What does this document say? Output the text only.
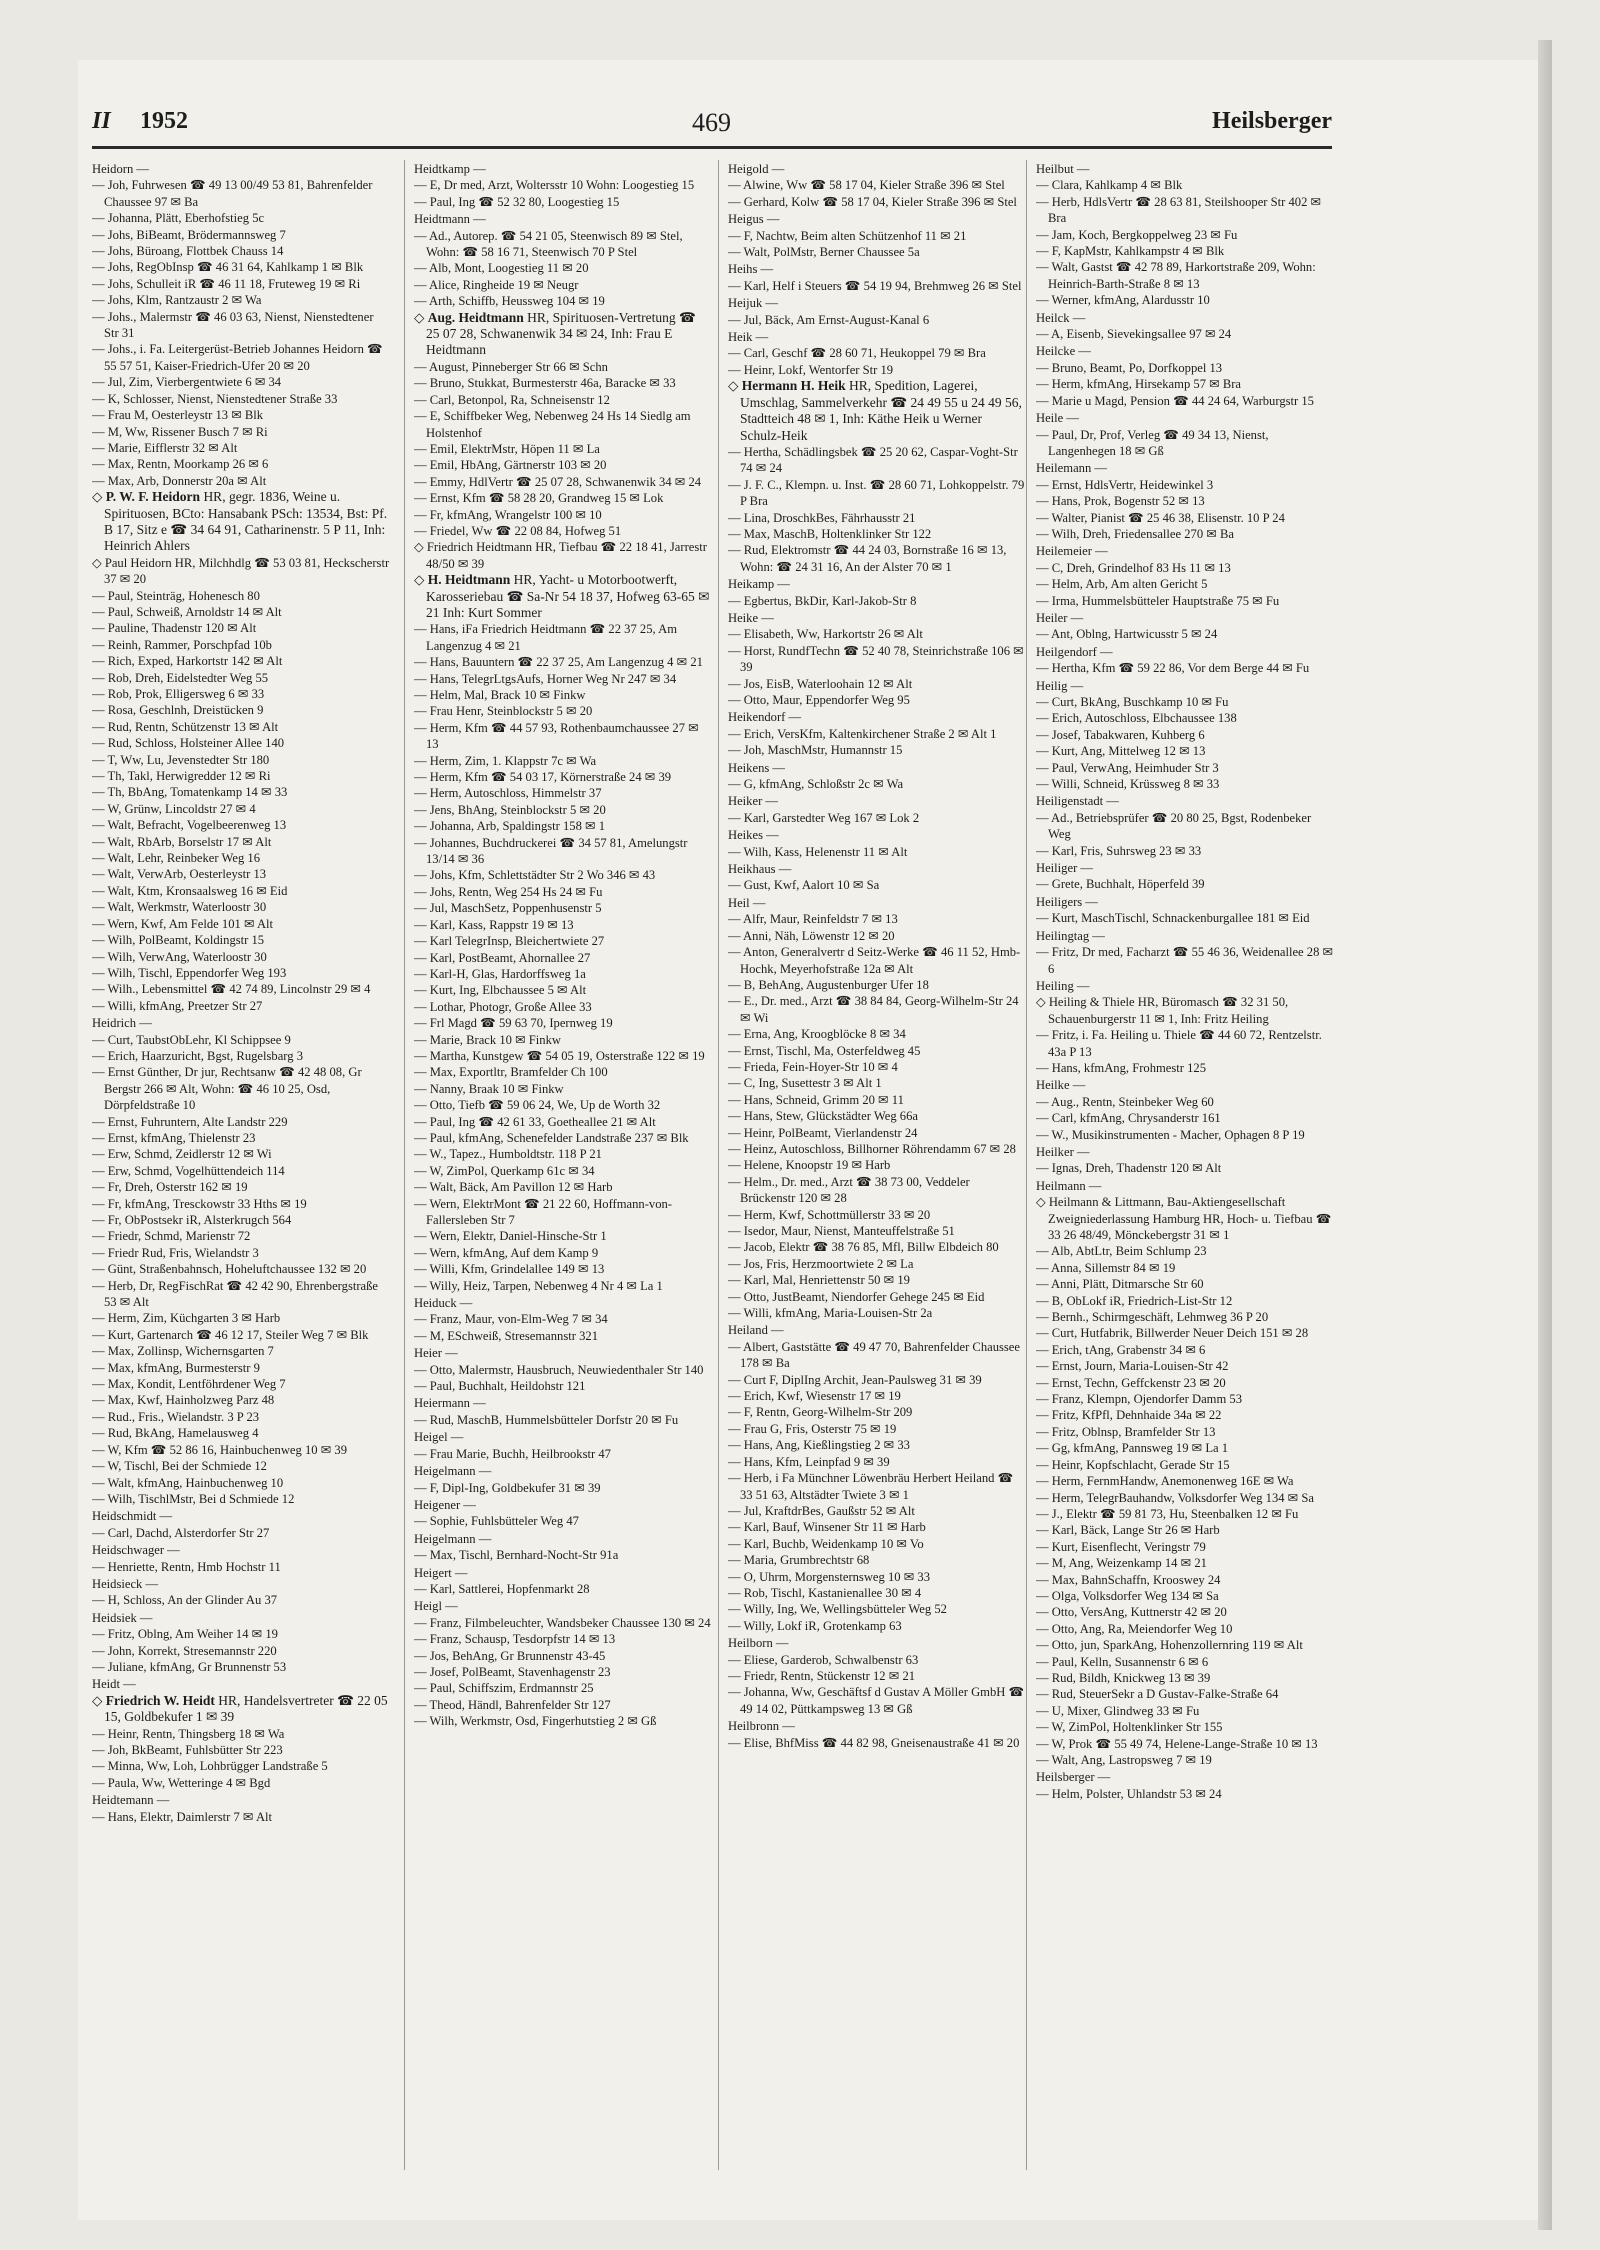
II 1952	469	Heilsberger

Heidorn —

— Joh, Fuhrwesen ☎ 49 13 00/49 53 81, Bahrenfelder Chaussee 97 ✉ Ba

— Johanna, Plätt, Eberhofstieg 5c

— Johs, BiBeamt, Brödermannsweg 7

— Johs, Büroang, Flottbek Chauss 14

— Johs, RegObInsp ☎ 46 31 64, Kahlkamp 1 ✉ Blk

— Johs, Schulleit iR ☎ 46 11 18, Fruteweg 19 ✉ Ri

— Johs, Klm, Rantzaustr 2 ✉ Wa

— Johs., Malermstr ☎ 46 03 63, Nienst, Nienstedtener Str 31

— Johs., i. Fa. Leitergerüst-Betrieb Johannes Heidorn ☎ 55 57 51, Kaiser-Friedrich-Ufer 20 ✉ 20

— Jul, Zim, Vierbergentwiete 6 ✉ 34

— K, Schlosser, Nienst, Nienstedtener Straße 33

— Frau M, Oesterleystr 13 ✉ Blk

— M, Ww, Rissener Busch 7 ✉ Ri

— Marie, Eifflerstr 32 ✉ Alt

— Max, Rentn, Moorkamp 26 ✉ 6

— Max, Arb, Donnerstr 20a ✉ Alt

◇ P. W. F. Heidorn HR, gegr. 1836, Weine u. Spirituosen, BCto: Hansabank PSch: 13534, Bst: Pf. B 17, Sitz e ☎ 34 64 91, Catharinenstr. 5 P 11, Inh: Heinrich Ahlers

◇ Paul Heidorn HR, Milchhdlg ☎ 53 03 81, Heckscherstr 37 ✉ 20

— Paul, Steinträg, Hohenesch 80

— Paul, Schweiß, Arnoldstr 14 ✉ Alt

— Pauline, Thadenstr 120 ✉ Alt

— Reinh, Rammer, Porschpfad 10b

— Rich, Exped, Harkortstr 142 ✉ Alt

— Rob, Dreh, Eidelstedter Weg 55

— Rob, Prok, Elligersweg 6 ✉ 33

— Rosa, Geschlnh, Dreistücken 9

— Rud, Rentn, Schützenstr 13 ✉ Alt

— Rud, Schloss, Holsteiner Allee 140

— T, Ww, Lu, Jevenstedter Str 180

— Th, Takl, Herwigredder 12 ✉ Ri

— Th, BbAng, Tomatenkamp 14 ✉ 33

— W, Grünw, Lincoldstr 27 ✉ 4

— Walt, Befracht, Vogelbeerenweg 13

— Walt, RbArb, Borselstr 17 ✉ Alt

— Walt, Lehr, Reinbeker Weg 16

— Walt, VerwArb, Oesterleystr 13

— Walt, Ktm, Kronsaalsweg 16 ✉ Eid

— Walt, Werkmstr, Waterloostr 30

— Wern, Kwf, Am Felde 101 ✉ Alt

— Wilh, PolBeamt, Koldingstr 15

— Wilh, VerwAng, Waterloostr 30

— Wilh, Tischl, Eppendorfer Weg 193

— Wilh., Lebensmittel ☎ 42 74 89, Lincolnstr 29 ✉ 4

— Willi, kfmAng, Preetzer Str 27

Heidrich —

— Curt, TaubstObLehr, Kl Schippsee 9

— Erich, Haarzuricht, Bgst, Rugelsbarg 3

— Ernst Günther, Dr jur, Rechtsanw ☎ 42 48 08, Gr Bergstr 266 ✉ Alt, Wohn: ☎ 46 10 25, Osd, Dörpfeldstraße 10

— Ernst, Fuhruntern, Alte Landstr 229

— Ernst, kfmAng, Thielenstr 23

— Erw, Schmd, Zeidlerstr 12 ✉ Wi

— Erw, Schmd, Vogelhüttendeich 114

— Fr, Dreh, Osterstr 162 ✉ 19

— Fr, kfmAng, Tresckowstr 33 Hths ✉ 19

— Fr, ObPostsekr iR, Alsterkrugch 564

— Friedr, Schmd, Marienstr 72

— Friedr Rud, Fris, Wielandstr 3

— Günt, Straßenbahnsch, Hoheluftchaussee 132 ✉ 20

— Herb, Dr, RegFischRat ☎ 42 42 90, Ehrenbergstraße 53 ✉ Alt

— Herm, Zim, Küchgarten 3 ✉ Harb

— Kurt, Gartenarch ☎ 46 12 17, Steiler Weg 7 ✉ Blk

— Max, Zollinsp, Wichernsgarten 7

— Max, kfmAng, Burmesterstr 9

— Max, Kondit, Lentföhrdener Weg 7

— Max, Kwf, Hainholzweg Parz 48

— Rud., Fris., Wielandstr. 3 P 23

— Rud, BkAng, Hamelausweg 4

— W, Kfm ☎ 52 86 16, Hainbuchenweg 10 ✉ 39

— W, Tischl, Bei der Schmiede 12

— Walt, kfmAng, Hainbuchenweg 10

— Wilh, TischlMstr, Bei d Schmiede 12

Heidschmidt —

— Carl, Dachd, Alsterdorfer Str 27

Heidschwager —

— Henriette, Rentn, Hmb Hochstr 11

Heidsieck —

— H, Schloss, An der Glinder Au 37

Heidsiek —

— Fritz, Oblng, Am Weiher 14 ✉ 19

— John, Korrekt, Stresemannstr 220

— Juliane, kfmAng, Gr Brunnenstr 53

Heidt —

◇ Friedrich W. Heidt HR, Handelsvertreter ☎ 22 05 15, Goldbekufer 1 ✉ 39

— Heinr, Rentn, Thingsberg 18 ✉ Wa

— Joh, BkBeamt, Fuhlsbütter Str 223

— Minna, Ww, Loh, Lohbrügger Landstraße 5

— Paula, Ww, Wetteringe 4 ✉ Bgd

Heidtemann —

— Hans, Elektr, Daimlerstr 7 ✉ Alt

Heidtkamp —

— E, Dr med, Arzt, Woltersstr 10 Wohn: Loogestieg 15

— Paul, Ing ☎ 52 32 80, Loogestieg 15

Heidtmann —

— Ad., Autorep. ☎ 54 21 05, Steenwisch 89 ✉ Stel, Wohn: ☎ 58 16 71, Steenwisch 70 P Stel

— Alb, Mont, Loogestieg 11 ✉ 20

— Alice, Ringheide 19 ✉ Neugr

— Arth, Schiffb, Heussweg 104 ✉ 19

◇ Aug. Heidtmann HR, Spirituosen-Vertretung ☎ 25 07 28, Schwanenwik 34 ✉ 24, Inh: Frau E Heidtmann

— August, Pinneberger Str 66 ✉ Schn

— Bruno, Stukkat, Burmesterstr 46a, Baracke ✉ 33

— Carl, Betonpol, Ra, Schneisenstr 12

— E, Schiffbeker Weg, Nebenweg 24 Hs 14 Siedlg am Holstenhof

— Emil, ElektrMstr, Höpen 11 ✉ La

— Emil, HbAng, Gärtnerstr 103 ✉ 20

— Emmy, HdlVertr ☎ 25 07 28, Schwanenwik 34 ✉ 24

— Ernst, Kfm ☎ 58 28 20, Grandweg 15 ✉ Lok

— Fr, kfmAng, Wrangelstr 100 ✉ 10

— Friedel, Ww ☎ 22 08 84, Hofweg 51

◇ Friedrich Heidtmann HR, Tiefbau ☎ 22 18 41, Jarrestr 48/50 ✉ 39

◇ H. Heidtmann HR, Yacht- u Motorbootwerft, Karosseriebau ☎ Sa-Nr 54 18 37, Hofweg 63-65 ✉ 21 Inh: Kurt Sommer

— Hans, iFa Friedrich Heidtmann ☎ 22 37 25, Am Langenzug 4 ✉ 21

— Hans, Bauuntern ☎ 22 37 25, Am Langenzug 4 ✉ 21

— Hans, TelegrLtgsAufs, Horner Weg Nr 247 ✉ 34

— Helm, Mal, Brack 10 ✉ Finkw

— Frau Henr, Steinblockstr 5 ✉ 20

— Herm, Kfm ☎ 44 57 93, Rothenbaumchaussee 27 ✉ 13

— Herm, Zim, 1. Klappstr 7c ✉ Wa

— Herm, Kfm ☎ 54 03 17, Körnerstraße 24 ✉ 39

— Herm, Autoschloss, Himmelstr 37

— Jens, BhAng, Steinblockstr 5 ✉ 20

— Johanna, Arb, Spaldingstr 158 ✉ 1

— Johannes, Buchdruckerei ☎ 34 57 81, Amelungstr 13/14 ✉ 36

— Johs, Kfm, Schlettstädter Str 2 Wo 346 ✉ 43

— Johs, Rentn, Weg 254 Hs 24 ✉ Fu

— Jul, MaschSetz, Poppenhusenstr 5

— Karl, Kass, Rappstr 19 ✉ 13

— Karl TelegrInsp, Bleichertwiete 27

— Karl, PostBeamt, Ahornallee 27

— Karl-H, Glas, Hardorffsweg 1a

— Kurt, Ing, Elbchaussee 5 ✉ Alt

— Lothar, Photogr, Große Allee 33

— Frl Magd ☎ 59 63 70, Ipernweg 19

— Marie, Brack 10 ✉ Finkw

— Martha, Kunstgew ☎ 54 05 19, Osterstraße 122 ✉ 19

— Max, Exportltr, Bramfelder Ch 100

— Nanny, Braak 10 ✉ Finkw

— Otto, Tiefb ☎ 59 06 24, We, Up de Worth 32

— Paul, Ing ☎ 42 61 33, Goetheallee 21 ✉ Alt

— Paul, kfmAng, Schenefelder Landstraße 237 ✉ Blk

— W., Tapez., Humboldtstr. 118 P 21

— W, ZimPol, Querkamp 61c ✉ 34

— Walt, Bäck, Am Pavillon 12 ✉ Harb

— Wern, ElektrMont ☎ 21 22 60, Hoffmann-von-Fallersleben Str 7

— Wern, Elektr, Daniel-Hinsche-Str 1

— Wern, kfmAng, Auf dem Kamp 9

— Willi, Kfm, Grindelallee 149 ✉ 13

— Willy, Heiz, Tarpen, Nebenweg 4 Nr 4 ✉ La 1

Heiduck —

— Franz, Maur, von-Elm-Weg 7 ✉ 34

— M, ESchweiß, Stresemannstr 321

Heier —

— Otto, Malermstr, Hausbruch, Neuwiedenthaler Str 140

— Paul, Buchhalt, Heildohstr 121

Heiermann —

— Rud, MaschB, Hummelsbütteler Dorfstr 20 ✉ Fu

Heigel —

— Frau Marie, Buchh, Heilbrookstr 47

Heigelmann —

— F, Dipl-Ing, Goldbekufer 31 ✉ 39

Heigener —

— Sophie, Fuhlsbütteler Weg 47

Heigelmann —

— Max, Tischl, Bernhard-Nocht-Str 91a

Heigert —

— Karl, Sattlerei, Hopfenmarkt 28

Heigl —

— Franz, Filmbeleuchter, Wandsbeker Chaussee 130 ✉ 24

— Franz, Schausp, Tesdorpfstr 14 ✉ 13

— Jos, BehAng, Gr Brunnenstr 43-45

— Josef, PolBeamt, Stavenhagenstr 23

— Paul, Schiffszim, Erdmannstr 25

— Theod, Händl, Bahrenfelder Str 127

— Wilh, Werkmstr, Osd, Fingerhutstieg 2 ✉ Gß

Heigold —

— Alwine, Ww ☎ 58 17 04, Kieler Straße 396 ✉ Stel

— Gerhard, Kolw ☎ 58 17 04, Kieler Straße 396 ✉ Stel

Heigus —

— F, Nachtw, Beim alten Schützenhof 11 ✉ 21

— Walt, PolMstr, Berner Chaussee 5a

Heihs —

— Karl, Helf i Steuers ☎ 54 19 94, Brehmweg 26 ✉ Stel

Heijuk —

— Jul, Bäck, Am Ernst-August-Kanal 6

Heik —

— Carl, Geschf ☎ 28 60 71, Heukoppel 79 ✉ Bra

— Heinr, Lokf, Wentorfer Str 19

◇ Hermann H. Heik HR, Spedition, Lagerei, Umschlag, Sammelverkehr ☎ 24 49 55 u 24 49 56, Stadtteich 48 ✉ 1, Inh: Käthe Heik u Werner Schulz-Heik

— Hertha, Schädlingsbek ☎ 25 20 62, Caspar-Voght-Str 74 ✉ 24

— J. F. C., Klempn. u. Inst. ☎ 28 60 71, Lohkoppelstr. 79 P Bra

— Lina, DroschkBes, Fährhausstr 21

— Max, MaschB, Holtenklinker Str 122

— Rud, Elektromstr ☎ 44 24 03, Bornstraße 16 ✉ 13, Wohn: ☎ 24 31 16, An der Alster 70 ✉ 1

Heikamp —

— Egbertus, BkDir, Karl-Jakob-Str 8

Heike —

— Elisabeth, Ww, Harkortstr 26 ✉ Alt

— Horst, RundfTechn ☎ 52 40 78, Steinrichstraße 106 ✉ 39

— Jos, EisB, Waterloohain 12 ✉ Alt

— Otto, Maur, Eppendorfer Weg 95

Heikendorf —

— Erich, VersKfm, Kaltenkirchener Straße 2 ✉ Alt 1

— Joh, MaschMstr, Humannstr 15

Heikens —

— G, kfmAng, Schloßstr 2c ✉ Wa

Heiker —

— Karl, Garstedter Weg 167 ✉ Lok 2

Heikes —

— Wilh, Kass, Helenenstr 11 ✉ Alt

Heikhaus —

— Gust, Kwf, Aalort 10 ✉ Sa

Heil —

— Alfr, Maur, Reinfeldstr 7 ✉ 13

— Anni, Näh, Löwenstr 12 ✉ 20

— Anton, Generalvertr d Seitz-Werke ☎ 46 11 52, Hmb-Hochk, Meyerhofstraße 12a ✉ Alt

— B, BehAng, Augustenburger Ufer 18

— E., Dr. med., Arzt ☎ 38 84 84, Georg-Wilhelm-Str 24 ✉ Wi

— Erna, Ang, Kroogblöcke 8 ✉ 34

— Ernst, Tischl, Ma, Osterfeldweg 45

— Frieda, Fein-Hoyer-Str 10 ✉ 4

— C, Ing, Susettestr 3 ✉ Alt 1

— Hans, Schneid, Grimm 20 ✉ 11

— Hans, Stew, Glückstädter Weg 66a

— Heinr, PolBeamt, Vierlandenstr 24

— Heinz, Autoschloss, Billhorner Röhrendamm 67 ✉ 28

— Helene, Knoopstr 19 ✉ Harb

— Helm., Dr. med., Arzt ☎ 38 73 00, Veddeler Brückenstr 120 ✉ 28

— Herm, Kwf, Schottmüllerstr 33 ✉ 20

— Isedor, Maur, Nienst, Manteuffelstraße 51

— Jacob, Elektr ☎ 38 76 85, Mfl, Billw Elbdeich 80

— Jos, Fris, Herzmoortwiete 2 ✉ La

— Karl, Mal, Henriettenstr 50 ✉ 19

— Otto, JustBeamt, Niendorfer Gehege 245 ✉ Eid

— Willi, kfmAng, Maria-Louisen-Str 2a

Heiland —

— Albert, Gaststätte ☎ 49 47 70, Bahrenfelder Chaussee 178 ✉ Ba

— Curt F, DiplIng Archit, Jean-Paulsweg 31 ✉ 39

— Erich, Kwf, Wiesenstr 17 ✉ 19

— F, Rentn, Georg-Wilhelm-Str 209

— Frau G, Fris, Osterstr 75 ✉ 19

— Hans, Ang, Kießlingstieg 2 ✉ 33

— Hans, Kfm, Leinpfad 9 ✉ 39

— Herb, i Fa Münchner Löwenbräu Herbert Heiland ☎ 33 51 63, Altstädter Twiete 3 ✉ 1

— Jul, KraftdrBes, Gaußstr 52 ✉ Alt

— Karl, Bauf, Winsener Str 11 ✉ Harb

— Karl, Buchb, Weidenkamp 10 ✉ Vo

— Maria, Grumbrechtstr 68

— O, Uhrm, Morgensternsweg 10 ✉ 33

— Rob, Tischl, Kastanienallee 30 ✉ 4

— Willy, Ing, We, Wellingsbütteler Weg 52

— Willy, Lokf iR, Grotenkamp 63

Heilborn —

— Eliese, Garderob, Schwalbenstr 63

— Friedr, Rentn, Stückenstr 12 ✉ 21

— Johanna, Ww, Geschäftsf d Gustav A Möller GmbH ☎ 49 14 02, Püttkampsweg 13 ✉ Gß

Heilbronn —

— Elise, BhfMiss ☎ 44 82 98, Gneisenaustraße 41 ✉ 20

Heilbut —

— Clara, Kahlkamp 4 ✉ Blk

— Herb, HdlsVertr ☎ 28 63 81, Steilshooper Str 402 ✉ Bra

— Jam, Koch, Bergkoppelweg 23 ✉ Fu

— F, KapMstr, Kahlkampstr 4 ✉ Blk

— Walt, Gastst ☎ 42 78 89, Harkortstraße 209, Wohn: Heinrich-Barth-Straße 8 ✉ 13

— Werner, kfmAng, Alardusstr 10

Heilck —

— A, Eisenb, Sievekingsallee 97 ✉ 24

Heilcke —

— Bruno, Beamt, Po, Dorfkoppel 13

— Herm, kfmAng, Hirsekamp 57 ✉ Bra

— Marie u Magd, Pension ☎ 44 24 64, Warburgstr 15

Heile —

— Paul, Dr, Prof, Verleg ☎ 49 34 13, Nienst, Langenhegen 18 ✉ Gß

Heilemann —

— Ernst, HdlsVertr, Heidewinkel 3

— Hans, Prok, Bogenstr 52 ✉ 13

— Walter, Pianist ☎ 25 46 38, Elisenstr. 10 P 24

— Wilh, Dreh, Friedensallee 270 ✉ Ba

Heilemeier —

— C, Dreh, Grindelhof 83 Hs 11 ✉ 13

— Helm, Arb, Am alten Gericht 5

— Irma, Hummelsbütteler Hauptstraße 75 ✉ Fu

Heiler —

— Ant, Oblng, Hartwicusstr 5 ✉ 24

Heilgendorf —

— Hertha, Kfm ☎ 59 22 86, Vor dem Berge 44 ✉ Fu

Heilig —

— Curt, BkAng, Buschkamp 10 ✉ Fu

— Erich, Autoschloss, Elbchaussee 138

— Josef, Tabakwaren, Kuhberg 6

— Kurt, Ang, Mittelweg 12 ✉ 13

— Paul, VerwAng, Heimhuder Str 3

— Willi, Schneid, Krüssweg 8 ✉ 33

Heiligenstadt —

— Ad., Betriebsprüfer ☎ 20 80 25, Bgst, Rodenbeker Weg

— Karl, Fris, Suhrsweg 23 ✉ 33

Heiliger —

— Grete, Buchhalt, Höperfeld 39

Heiligers —

— Kurt, MaschTischl, Schnackenburgallee 181 ✉ Eid

Heilingtag —

— Fritz, Dr med, Facharzt ☎ 55 46 36, Weidenallee 28 ✉ 6

Heiling —

◇ Heiling & Thiele HR, Büromasch ☎ 32 31 50, Schauenburgerstr 11 ✉ 1, Inh: Fritz Heiling

— Fritz, i. Fa. Heiling u. Thiele ☎ 44 60 72, Rentzelstr. 43a P 13

— Hans, kfmAng, Frohmestr 125

Heilke —

— Aug., Rentn, Steinbeker Weg 60

— Carl, kfmAng, Chrysanderstr 161

— W., Musikinstrumenten - Macher, Ophagen 8 P 19

Heilker —

— Ignas, Dreh, Thadenstr 120 ✉ Alt

Heilmann —

◇ Heilmann & Littmann, Bau-Aktiengesellschaft Zweigniederlassung Hamburg HR, Hoch- u. Tiefbau ☎ 33 26 48/49, Mönckebergstr 31 ✉ 1

— Alb, AbtLtr, Beim Schlump 23

— Anna, Sillemstr 84 ✉ 19

— Anni, Plätt, Ditmarsche Str 60

— B, ObLokf iR, Friedrich-List-Str 12

— Bernh., Schirmgeschäft, Lehmweg 36 P 20

— Curt, Hutfabrik, Billwerder Neuer Deich 151 ✉ 28

— Erich, tAng, Grabenstr 34 ✉ 6

— Ernst, Journ, Maria-Louisen-Str 42

— Ernst, Techn, Geffckenstr 23 ✉ 20

— Franz, Klempn, Ojendorfer Damm 53

— Fritz, KfPfl, Dehnhaide 34a ✉ 22

— Fritz, Oblnsp, Bramfelder Str 13

— Gg, kfmAng, Pannsweg 19 ✉ La 1

— Heinr, Kopfschlacht, Gerade Str 15

— Herm, FernmHandw, Anemonenweg 16E ✉ Wa

— Herm, TelegrBauhandw, Volksdorfer Weg 134 ✉ Sa

— J., Elektr ☎ 59 81 73, Hu, Steenbalken 12 ✉ Fu

— Karl, Bäck, Lange Str 26 ✉ Harb

— Kurt, Eisenflecht, Veringstr 79

— M, Ang, Weizenkamp 14 ✉ 21

— Max, BahnSchaffn, Krooswey 24

— Olga, Volksdorfer Weg 134 ✉ Sa

— Otto, VersAng, Kuttnerstr 42 ✉ 20

— Otto, Ang, Ra, Meiendorfer Weg 10

— Otto, jun, SparkAng, Hohenzollernring 119 ✉ Alt

— Paul, Kelln, Susannenstr 6 ✉ 6

— Rud, Bildh, Knickweg 13 ✉ 39

— Rud, SteuerSekr a D Gustav-Falke-Straße 64

— U, Mixer, Glindweg 33 ✉ Fu

— W, ZimPol, Holtenklinker Str 155

— W, Prok ☎ 55 49 74, Helene-Lange-Straße 10 ✉ 13

— Walt, Ang, Lastropsweg 7 ✉ 19

Heilsberger —

— Helm, Polster, Uhlandstr 53 ✉ 24
